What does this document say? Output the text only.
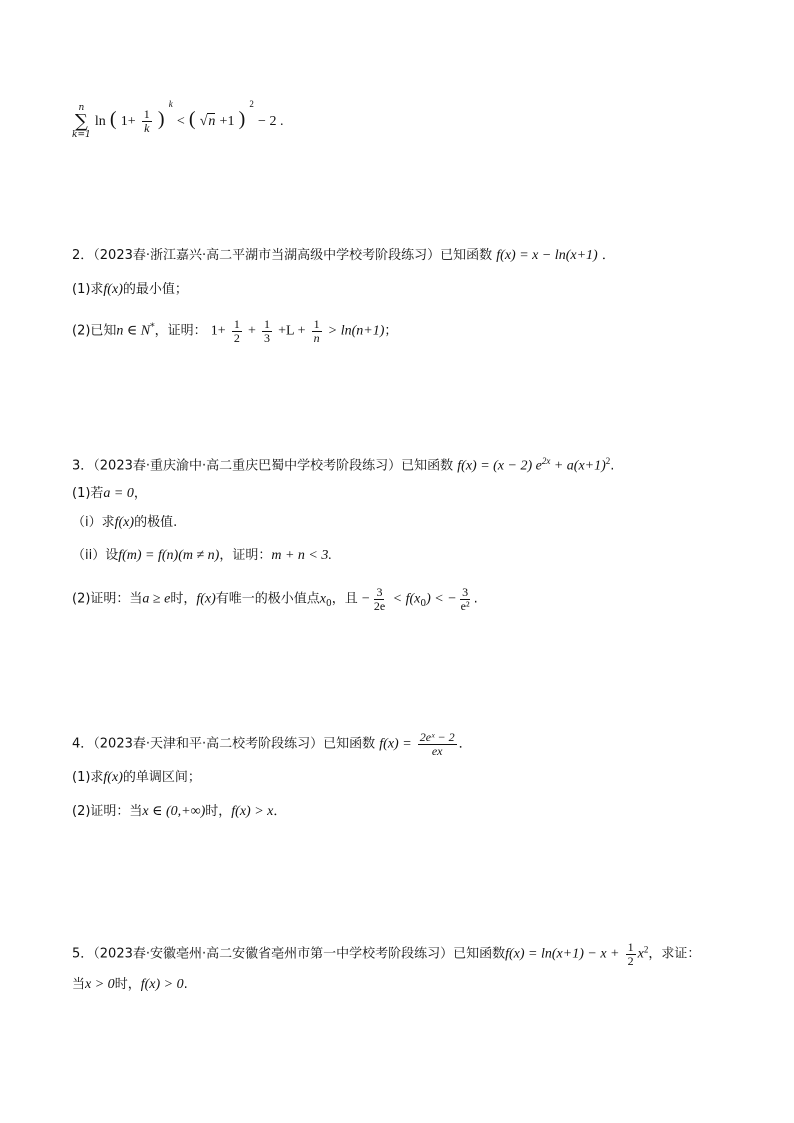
n
∑
k=1
ln ( $1+ \frac{1}{k}$ ) $^k$ < ( √n +1 ) $^2$ − 2 .
2．（2023春·浙江嘉兴·高二平湖市当湖高级中学校考阶段练习）已知函数 f(x) = x − ln(x+1) ．
(1)求f(x)的最小值；
(2)已知n ∈ N*，证明： $1+ \frac{1}{2} + \frac{1}{3} +L + \frac{1}{n} > \ln(n+1)$；
3．（2023春·重庆渝中·高二重庆巴蜀中学校考阶段练习）已知函数 f(x) = (x − 2) $e^{2x} + a(x+1)^2$.
(1)若a = 0，
（i）求f(x)的极值.
（ii）设f(m) = f(n)(m ≠ n)，证明：m + n < 3.
(2)证明：当a ≥ e时，f(x)有唯一的极小值点$x_0$，且 − $\frac{3}{2e} < f(x_0)$ < − $\frac{3}{\text{e²}}$ .
4．（2023春·天津和平·高二校考阶段练习）已知函数 $f(x) = \frac{\text{2eˣ − 2}}{ex}$ ．
(1)求f(x)的单调区间；
(2)证明：当x ∈ (0,+∞)时，f(x) > x．
5．（2023春·安徽亳州·高二安徽省亳州市第一中学校考阶段练习）已知函数$f(x) = \ln(x+1) - x + \frac{1}{2} x^2$，求证：
当x > 0时，f(x) > 0.
